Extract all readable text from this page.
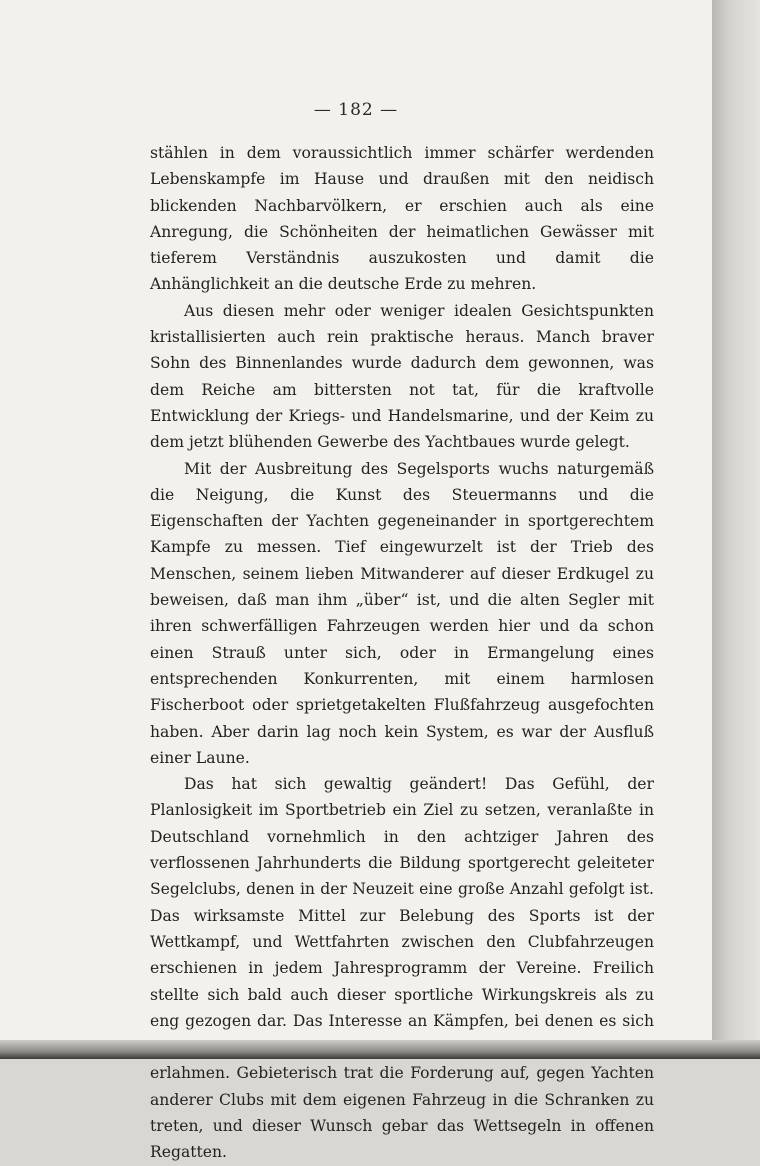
— 182 —

stählen in dem voraussichtlich immer schärfer werdenden Lebenskampfe im Hause und draußen mit den neidisch blickenden Nachbarvölkern, er erschien auch als eine Anregung, die Schönheiten der heimatlichen Gewässer mit tieferem Verständnis auszukosten und damit die Anhänglichkeit an die deutsche Erde zu mehren.

Aus diesen mehr oder weniger idealen Gesichtspunkten kristallisierten auch rein praktische heraus. Manch braver Sohn des Binnenlandes wurde dadurch dem gewonnen, was dem Reiche am bittersten not tat, für die kraftvolle Entwicklung der Kriegs- und Handelsmarine, und der Keim zu dem jetzt blühenden Gewerbe des Yachtbaues wurde gelegt.

Mit der Ausbreitung des Segelsports wuchs naturgemäß die Neigung, die Kunst des Steuermanns und die Eigenschaften der Yachten gegeneinander in sportgerechtem Kampfe zu messen. Tief eingewurzelt ist der Trieb des Menschen, seinem lieben Mitwanderer auf dieser Erdkugel zu beweisen, daß man ihm „über“ ist, und die alten Segler mit ihren schwerfälligen Fahrzeugen werden hier und da schon einen Strauß unter sich, oder in Ermangelung eines entsprechenden Konkurrenten, mit einem harmlosen Fischerboot oder sprietgetakelten Flußfahrzeug ausgefochten haben. Aber darin lag noch kein System, es war der Ausfluß einer Laune.

Das hat sich gewaltig geändert! Das Gefühl, der Planlosigkeit im Sportbetrieb ein Ziel zu setzen, veranlaßte in Deutschland vornehmlich in den achtziger Jahren des verflossenen Jahrhunderts die Bildung sportgerecht geleiteter Segelclubs, denen in der Neuzeit eine große Anzahl gefolgt ist. Das wirksamste Mittel zur Belebung des Sports ist der Wettkampf, und Wettfahrten zwischen den Clubfahrzeugen erschienen in jedem Jahresprogramm der Vereine. Freilich stellte sich bald auch dieser sportliche Wirkungskreis als zu eng gezogen dar. Das Interesse an Kämpfen, bei denen es sich erlahmen. Gebieterisch trat die Forderung auf, gegen Yachten anderer Clubs mit dem eigenen Fahrzeug in die Schranken zu treten, und dieser Wunsch gebar das Wettsegeln in offenen Regatten.
